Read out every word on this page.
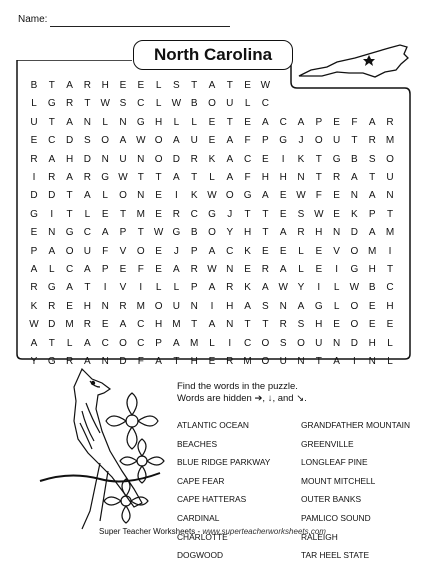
Name:
North Carolina
B	T	A	R	H	E	E	L	S	T	A	T	E W
L	G	R	T	W S	C	L	W B	O	U	L	C
U	T	A	N	L	N	G	H	L	L	E	T	E	A	C	A	P	E	F	A	R
E	C	D	S	O	A W O	A	U	E	A	F	P	G	J	O	U	T	R	M
R	A	H	D	N	U	N	O	D	R	K	A	C	E	I	K	T	G	B	S	O
I	R	A	R	G W	T	T	A	T	L	A	F	H	H	N	T	R	A	T	U
D	D	T	A	L	O	N	E	I	K W O	G	A	E W	F	E	N	A	N
G	I	T	L	E	T	M	E	R	C	G	J	T	T	E	S W E	K	P	T
E	N	G	C	A	P	T	W G	B	O	Y	H	T	A	R	H	N	D	A	M
P	A	O	U	F	V	O	E	J	P	A	C	K	E	E	L	E	V	O M	I
A	L	C	A	P	E	F	E	A	R W N	E	R	A	L	E	I	G	H	T
R	G	A	T	I	V	I	L	L	P	A	R	K	A W Y	I	L	W B	C
K	R	E	H	N	R	M O	U	N	I	H	A	S	N	A	G	L	O	E	H
W D	M	R	E	A	C	H	M	T	A	N	T	T	R	S	H	E	O	E	E
A	T	L	A	C	O	C	P	A	M	L	I	C	O	S	O	U	N	D	H	L
Y	G	R	A	N	D	F	A	T	H	E	R	M O	U	N	T	A	I	N	L
Find the words in the puzzle.
Words are hidden ➔, ↓, and ↘.
ATLANTIC OCEAN	GRANDFATHER MOUNTAIN
BEACHES	GREENVILLE
BLUE RIDGE PARKWAY	LONGLEAF PINE
CAPE FEAR	MOUNT MITCHELL
CAPE HATTERAS	OUTER BANKS
CARDINAL	PAMLICO SOUND
CHARLOTTE	RALEIGH
DOGWOOD	TAR HEEL STATE
Super Teacher Worksheets - www.superteacherworksheets.com
